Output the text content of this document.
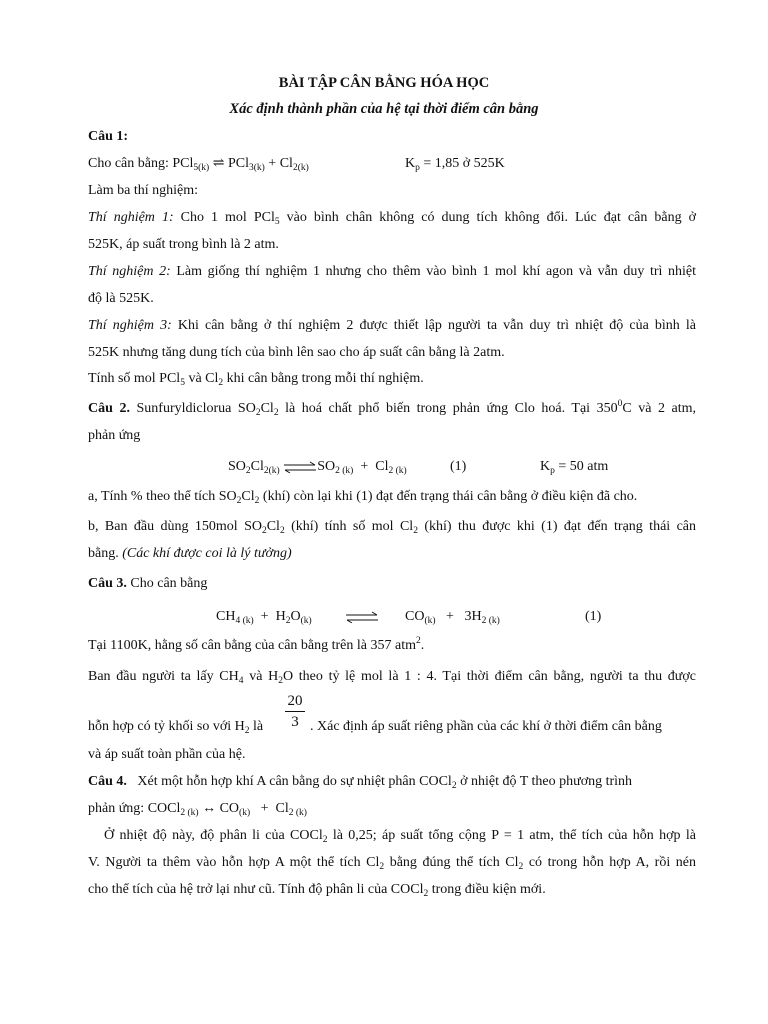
BÀI TẬP CÂN BẰNG HÓA HỌC
Xác định thành phần của hệ tại thời điểm cân bằng
Câu 1:
Cho cân bằng: PCl$_{5(k)}$ ⇌ $PCl_{3(k)} + Cl_{2(k)}$	$K_p = 1,85$ ở 525K
Làm ba thí nghiệm:
Thí nghiệm 1: Cho 1 mol PCl$_5$ vào bình chân không có dung tích không đổi. Lúc đạt cân bằng ở
525K, áp suất trong bình là 2 atm.
Thí nghiệm 2: Làm giống thí nghiệm 1 nhưng cho thêm vào bình 1 mol khí agon và vẫn duy trì nhiệt
độ là 525K.
Thí nghiệm 3: Khi cân bằng ở thí nghiệm 2 được thiết lập người ta vẫn duy trì nhiệt độ của bình là
525K nhưng tăng dung tích của bình lên sao cho áp suất cân bằng là 2atm.
Tính số mol PCl$_5$ và $Cl_2$ khi cân bằng trong mỗi thí nghiệm.
Câu 2. Sunfuryldiclorua $SO_2Cl_2$ là hoá chất phổ biến trong phản ứng Clo hoá. Tại $350^0C$ và 2 atm,
phản ứng
$SO_2Cl_{2(k)}$ $\rightleftharpoons SO_{2 (k)} + Cl_{2 (k)}$	(1)	$K_p = 50$ atm
a, Tính % theo thể tích $SO_2Cl_2$ (khí) còn lại khi (1) đạt đến trạng thái cân bằng ở điều kiện đã cho.
b, Ban đầu dùng 150mol $SO_2Cl_2$ (khí) tính số mol $Cl_2$ (khí) thu được khi (1) đạt đến trạng thái cân
bằng. (Các khí được coi là lý tưởng)
Câu 3. Cho cân bằng
$CH_{4 (k)} + H_2O_{(k)}$	$CO_{(k)} + 3H_{2 (k)}$	(1)
Tại 1100K, hằng số cân bằng của cân bằng trên là 357 atm$^2$.
Ban đầu người ta lấy $CH_4$ và $H_2O$ theo tỷ lệ mol là 1 : 4. Tại thời điểm cân bằng, người ta thu được
20
3
hỗn hợp có tỷ khối so với $H_2$ là	. Xác định áp suất riêng phần của các khí ở thời điểm cân bằng
và áp suất toàn phần của hệ.
Câu 4. Xét một hỗn hợp khí A cân bằng do sự nhiệt phân COCl$_2$ ở nhiệt độ T theo phương trình
phản ứng: COCl$_{2 (k)}$ ↔ $CO_{(k)} + Cl_{2 (k)}$
Ở nhiệt độ này, độ phân li của COCl$_2$ là 0,25; áp suất tổng cộng P = 1 atm, thể tích của hỗn hợp là
V. Người ta thêm vào hỗn hợp A một thể tích $Cl_2$ bằng đúng thể tích $Cl_2$ có trong hỗn hợp A, rồi nén
cho thể tích của hệ trở lại như cũ. Tính độ phân li của COCl$_2$ trong điều kiện mới.
